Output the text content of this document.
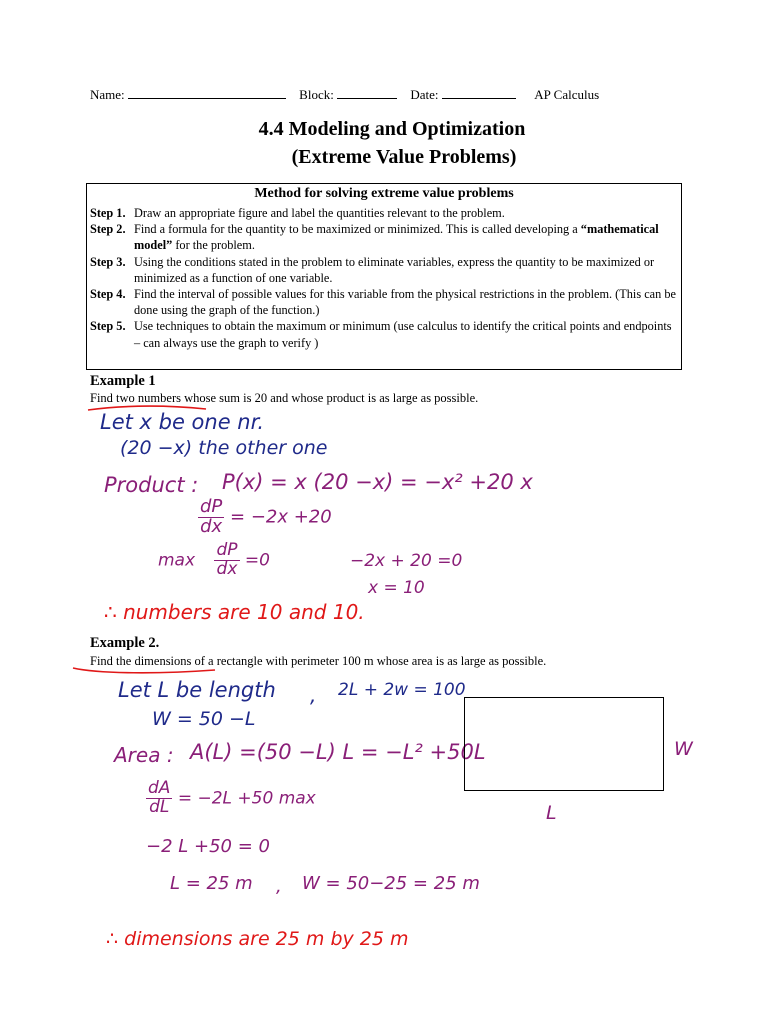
Name:	Block:	Date:	AP Calculus
4.4 Modeling and Optimization
(Extreme Value Problems)
Method for solving extreme value problems
Step 1. Draw an appropriate figure and label the quantities relevant to the problem.
Step 2. Find a formula for the quantity to be maximized or minimized. This is called developing a “mathematical model” for the problem.
Step 3. Using the conditions stated in the problem to eliminate variables, express the quantity to be maximized or minimized as a function of one variable.
Step 4. Find the interval of possible values for this variable from the physical restrictions in the problem. (This can be done using the graph of the function.)
Step 5. Use techniques to obtain the maximum or minimum (use calculus to identify the critical points and endpoints – can always use the graph to verify )
Example 1
Find two numbers whose sum is 20 and whose product is as large as possible.
Let x be one nr.
(20 −x) the other one
Product : P(x) = x (20 −x) = −x² +20 x
$\frac{dP}{dx} = -2x +20$
$\max \frac{dP}{dx} =0$	−2x + 20 =0
x = 10
∴ numbers are 10 and 10.
Example 2.
Find the dimensions of a rectangle with perimeter 100 m whose area is as large as possible.
Let L be length , 2L + 2w = 100
W = 50 −L
Area : A(L) =(50 −L) L = −L² +50L
$\frac{dA}{dL} = -2L +50$ max
−2 L +50 = 0
L = 25 m , W = 50−25 = 25 m
∴ dimensions are 25 m by 25 m
W
L
